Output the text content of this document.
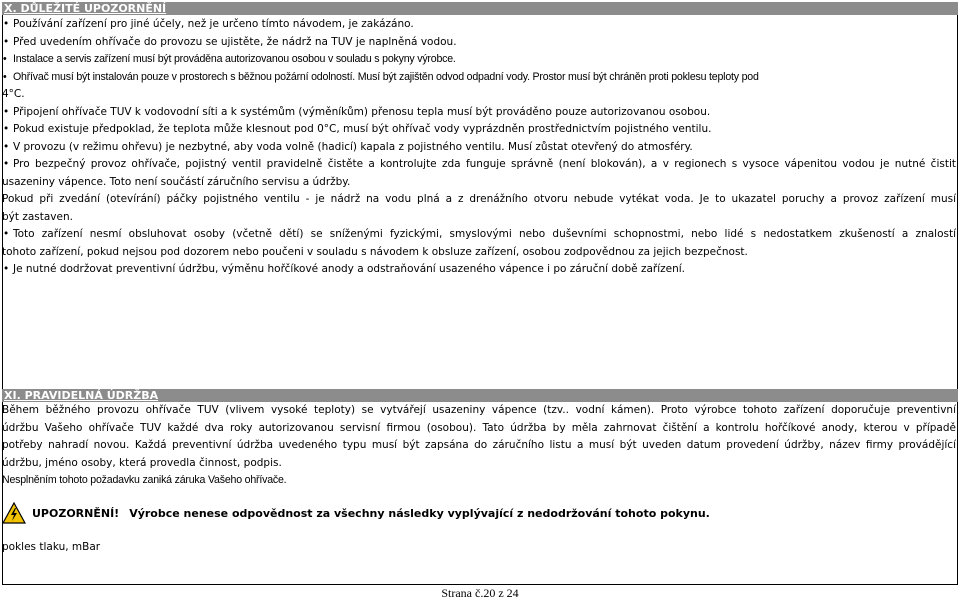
X. DŮLEŽITÉ UPOZORNĚNÍ
• Používání zařízení pro jiné účely, než je určeno tímto návodem, je zakázáno.
• Před uvedením ohřívače do provozu se ujistěte, že nádrž na TUV je naplněná vodou.
• Instalace a servis zařízení musí být prováděna autorizovanou osobou v souladu s pokyny výrobce.
• Ohřívač musí být instalován pouze v prostorech s běžnou požární odolností. Musí být zajištěn odvod odpadní vody. Prostor musí být chráněn proti poklesu teploty pod
4°C.
• Připojení ohřívače TUV k vodovodní síti a k systémům (výměníkům) přenosu tepla musí být prováděno pouze autorizovanou osobou.
• Pokud existuje předpoklad, že teplota může klesnout pod 0°C, musí být ohřívač vody vyprázdněn prostřednictvím pojistného ventilu.
• V provozu (v režimu ohřevu) je nezbytné, aby voda volně (hadicí) kapala z pojistného ventilu. Musí zůstat otevřený do atmosféry.
• Pro bezpečný provoz ohřívače, pojistný ventil pravidelně čistěte a kontrolujte zda funguje správně (není blokován), a v regionech s vysoce vápenitou vodou je nutné čistit
usazeniny vápence. Toto není součástí záručního servisu a údržby.
Pokud při zvedání (otevírání) páčky pojistného ventilu - je nádrž na vodu plná a z drenážního otvoru nebude vytékat voda. Je to ukazatel poruchy a provoz zařízení musí
být zastaven.
• Toto zařízení nesmí obsluhovat osoby (včetně dětí) se sníženými fyzickými, smyslovými nebo duševními schopnostmi, nebo lidé s nedostatkem zkušeností a znalostí
tohoto zařízení, pokud nejsou pod dozorem nebo poučeni v souladu s návodem k obsluze zařízení, osobou zodpovědnou za jejich bezpečnost.
• Je nutné dodržovat preventivní údržbu, výměnu hořčíkové anody a odstraňování usazeného vápence i po záruční době zařízení.
XI. PRAVIDELNÁ ÚDRŽBA
Během běžného provozu ohřívače TUV (vlivem vysoké teploty) se vytvářejí usazeniny vápence (tzv.. vodní kámen). Proto výrobce tohoto zařízení doporučuje preventivní
údržbu Vašeho ohřívače TUV každé dva roky autorizovanou servisní firmou (osobou). Tato údržba by měla zahrnovat čištění a kontrolu hořčíkové anody, kterou v případě
potřeby nahradí novou. Každá preventivní údržba uvedeného typu musí být zapsána do záručního listu a musí být uveden datum provedení údržby, název firmy provádějící
údržbu, jméno osoby, která provedla činnost, podpis.
Nesplněním tohoto požadavku zaniká záruka Vašeho ohřívače.
UPOZORNĚNÍ! Výrobce nenese odpovědnost za všechny následky vyplývající z nedodržování tohoto pokynu.
pokles tlaku, mBar
Strana č.20 z 24
